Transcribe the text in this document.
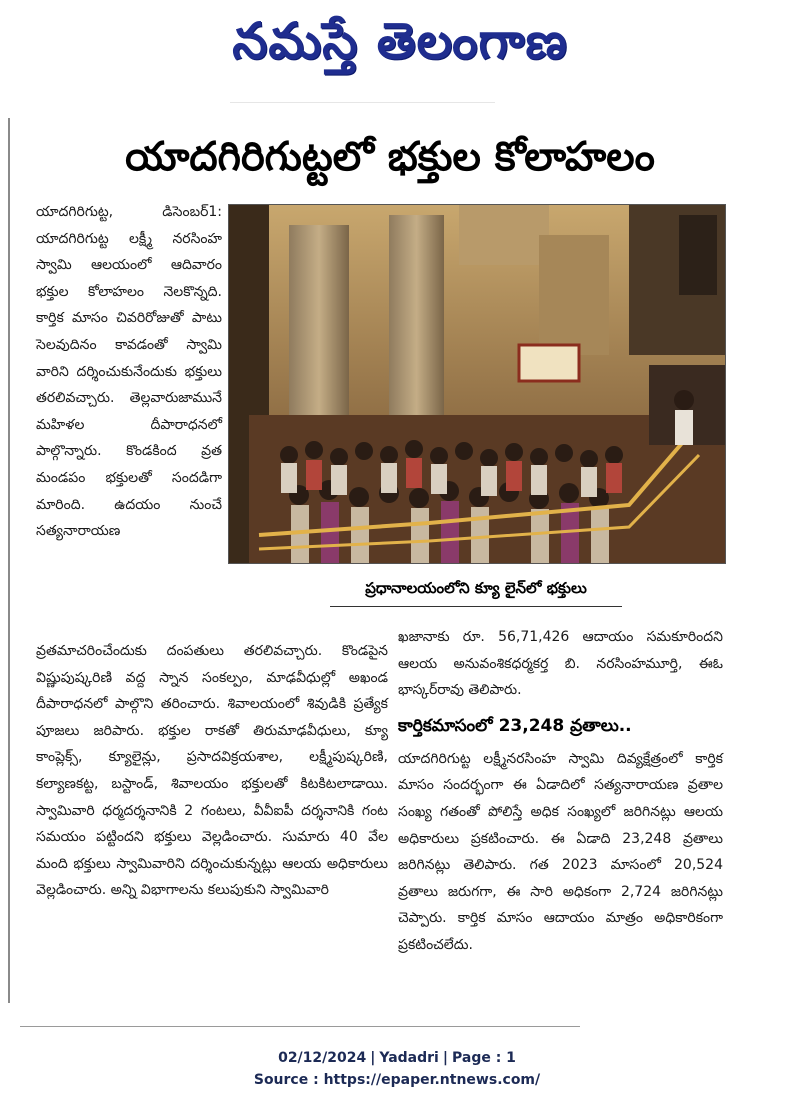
నమస్తే తెలంగాణ
యాదగిరిగుట్టలో భక్తుల కోలాహలం

యాదగిరిగుట్ట, డిసెంబర్1: యాదగిరిగుట్ట లక్ష్మీ నరసింహ స్వామి ఆలయంలో ఆదివారం భక్తుల కోలాహలం నెలకొన్నది. కార్తిక మాసం చివరిరోజుతో పాటు సెలవుదినం కావడంతో స్వామి వారిని దర్శించుకునేందుకు భక్తులు తరలివచ్చారు. తెల్లవారుజామునే మహిళల దీపారాధనలో పాల్గొన్నారు. కొండకింద వ్రత మండపం భక్తులతో సందడిగా మారింది. ఉదయం నుంచే సత్యనారాయణ

ప్రధానాలయంలోని క్యూ లైన్‌లో భక్తులు

వ్రతమాచరించేందుకు దంపతులు తరలివచ్చారు. కొండపైన విష్ణుపుష్కరిణి వద్ద స్నాన సంకల్పం, మాఢవీధుల్లో అఖండ దీపారాధనలో పాల్గొని తరించారు. శివాలయంలో శివుడికి ప్రత్యేక పూజలు జరిపారు. భక్తుల రాకతో తిరుమాఢవీధులు, క్యూ కాంప్లెక్స్, క్యూలైన్లు, ప్రసాదవిక్రయశాల, లక్ష్మీపుష్కరిణి, కల్యాణకట్ట, బస్టాండ్, శివాలయం భక్తులతో కిటకిటలాడాయి. స్వామివారి ధర్మదర్శనానికి 2 గంటలు, వీవీఐపీ దర్శనానికి గంట సమయం పట్టిందని భక్తులు వెల్లడించారు. సుమారు 40 వేల మంది భక్తులు స్వామివారిని దర్శించుకున్నట్లు ఆలయ అధికారులు వెల్లడించారు. అన్ని విభాగాలను కలుపుకుని స్వామివారి

ఖజానాకు రూ. 56,71,426 ఆదాయం సమకూరిందని ఆలయ అనువంశికధర్మకర్త బి. నరసింహమూర్తి, ఈఓ భాస్కర్‌రావు తెలిపారు.

కార్తికమాసంలో 23,248 వ్రతాలు..

యాదగిరిగుట్ట లక్ష్మీనరసింహ స్వామి దివ్యక్షేత్రంలో కార్తిక మాసం సందర్భంగా ఈ ఏడాదిలో సత్యనారాయణ వ్రతాల సంఖ్య గతంతో పోలిస్తే అధిక సంఖ్యలో జరిగినట్లు ఆలయ అధికారులు ప్రకటించారు. ఈ ఏడాది 23,248 వ్రతాలు జరిగినట్లు తెలిపారు. గత 2023 మాసంలో 20,524 వ్రతాలు జరుగగా, ఈ సారి అధికంగా 2,724 జరిగినట్లు చెప్పారు. కార్తిక మాసం ఆదాయం మాత్రం అధికారికంగా ప్రకటించలేదు.

02/12/2024 | Yadadri | Page : 1
Source : https://epaper.ntnews.com/
